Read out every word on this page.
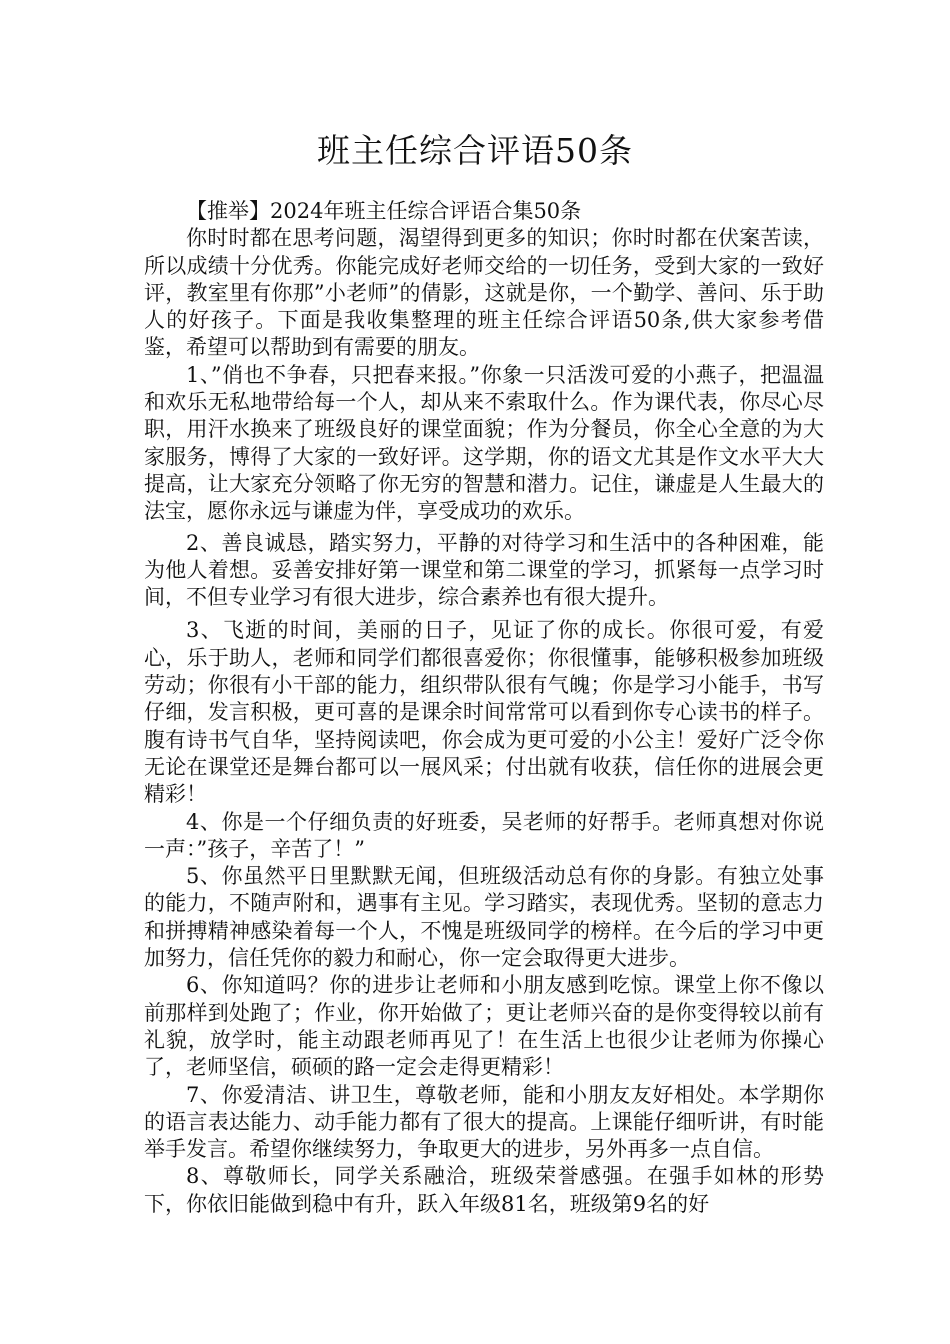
班主任综合评语50条

【推举】2024年班主任综合评语合集50条

你时时都在思考问题，渴望得到更多的知识；你时时都在伏案苦读，所以成绩十分优秀。你能完成好老师交给的一切任务，受到大家的一致好评，教室里有你那”小老师”的倩影，这就是你，一个勤学、善问、乐于助人的好孩子。下面是我收集整理的班主任综合评语50条,供大家参考借鉴，希望可以帮助到有需要的朋友。

1、”俏也不争春，只把春来报。”你象一只活泼可爱的小燕子，把温温和欢乐无私地带给每一个人，却从来不索取什么。作为课代表，你尽心尽职，用汗水换来了班级良好的课堂面貌；作为分餐员，你全心全意的为大家服务，博得了大家的一致好评。这学期，你的语文尤其是作文水平大大提高，让大家充分领略了你无穷的智慧和潜力。记住，谦虚是人生最大的法宝，愿你永远与谦虚为伴，享受成功的欢乐。

2、善良诚恳，踏实努力，平静的对待学习和生活中的各种困难，能为他人着想。妥善安排好第一课堂和第二课堂的学习，抓紧每一点学习时间，不但专业学习有很大进步，综合素养也有很大提升。

3、飞逝的时间，美丽的日子，见证了你的成长。你很可爱，有爱心，乐于助人，老师和同学们都很喜爱你；你很懂事，能够积极参加班级劳动；你很有小干部的能力，组织带队很有气魄；你是学习小能手，书写仔细，发言积极，更可喜的是课余时间常常可以看到你专心读书的样子。腹有诗书气自华，坚持阅读吧，你会成为更可爱的小公主！爱好广泛令你无论在课堂还是舞台都可以一展风采；付出就有收获，信任你的进展会更精彩！

4、你是一个仔细负责的好班委，吴老师的好帮手。老师真想对你说一声：”孩子，辛苦了！”

5、你虽然平日里默默无闻，但班级活动总有你的身影。有独立处事的能力，不随声附和，遇事有主见。学习踏实，表现优秀。坚韧的意志力和拼搏精神感染着每一个人，不愧是班级同学的榜样。在今后的学习中更加努力，信任凭你的毅力和耐心，你一定会取得更大进步。

6、你知道吗？你的进步让老师和小朋友感到吃惊。课堂上你不像以前那样到处跑了；作业，你开始做了；更让老师兴奋的是你变得较以前有礼貌，放学时，能主动跟老师再见了！在生活上也很少让老师为你操心了，老师坚信，硕硕的路一定会走得更精彩！

7、你爱清洁、讲卫生，尊敬老师，能和小朋友友好相处。本学期你的语言表达能力、动手能力都有了很大的提高。上课能仔细听讲，有时能举手发言。希望你继续努力，争取更大的进步，另外再多一点自信。

8、尊敬师长，同学关系融洽，班级荣誉感强。在强手如林的形势下，你依旧能做到稳中有升，跃入年级81名，班级第9名的好
